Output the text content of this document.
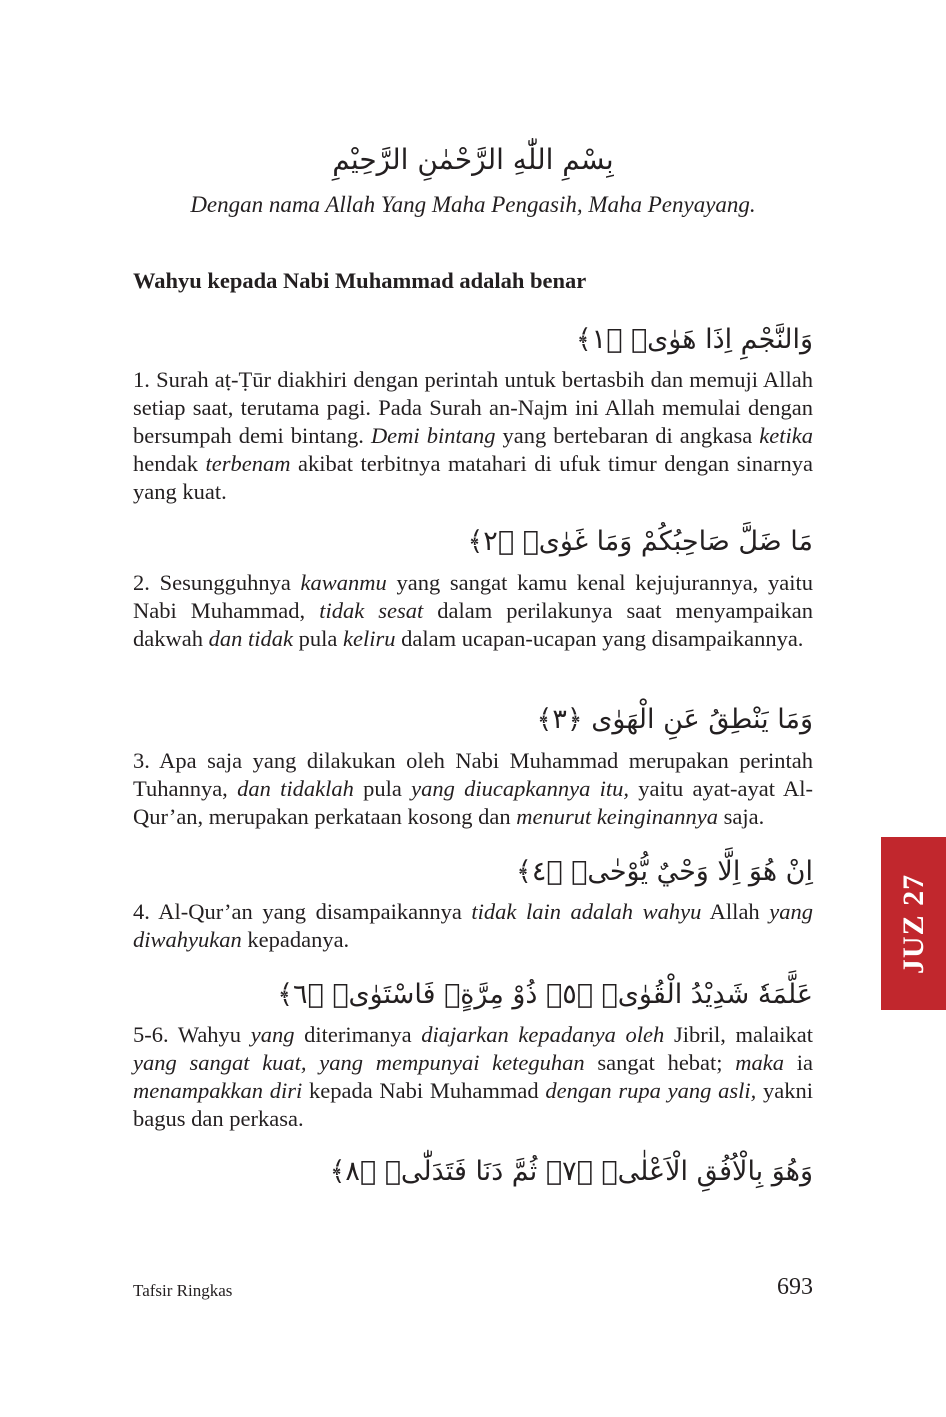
بِسْمِ اللّٰهِ الرَّحْمٰنِ الرَّحِيْمِ
Dengan nama Allah Yang Maha Pengasih, Maha Penyayang.
Wahyu kepada Nabi Muhammad adalah benar
وَالنَّجْمِ اِذَا هَوٰىۙ ﴿١﴾
1. Surah aṭ-Ṭūr diakhiri dengan perintah untuk bertasbih dan memuji Allah setiap saat, terutama pagi. Pada Surah an-Najm ini Allah memulai dengan bersumpah demi bintang. Demi bintang yang bertebaran di angkasa ketika hendak terbenam akibat terbitnya matahari di ufuk timur dengan sinarnya yang kuat.
مَا ضَلَّ صَاحِبُكُمْ وَمَا غَوٰىۚ ﴿٢﴾
2. Sesungguhnya kawanmu yang sangat kamu kenal kejujurannya, yaitu Nabi Muhammad, tidak sesat dalam perilakunya saat menyampaikan dakwah dan tidak pula keliru dalam ucapan-ucapan yang disampaikannya.
وَمَا يَنْطِقُ عَنِ الْهَوٰى ﴿٣﴾
3. Apa saja yang dilakukan oleh Nabi Muhammad merupakan perintah Tuhannya, dan tidaklah pula yang diucapkannya itu, yaitu ayat-ayat Al-Qur’an, merupakan perkataan kosong dan menurut keinginannya saja.
اِنْ هُوَ اِلَّا وَحْيٌ يُّوْحٰىۙ ﴿٤﴾
4. Al-Qur’an yang disampaikannya tidak lain adalah wahyu Allah yang diwahyukan kepadanya.
عَلَّمَهٗ شَدِيْدُ الْقُوٰىۙ ﴿٥﴾ ذُوْ مِرَّةٍۗ فَاسْتَوٰىۙ ﴿٦﴾
5-6. Wahyu yang diterimanya diajarkan kepadanya oleh Jibril, malaikat yang sangat kuat, yang mempunyai keteguhan sangat hebat; maka ia menampakkan diri kepada Nabi Muhammad dengan rupa yang asli, yakni bagus dan perkasa.
وَهُوَ بِالْاُفُقِ الْاَعْلٰىۗ ﴿٧﴾ ثُمَّ دَنَا فَتَدَلّٰىۙ ﴿٨﴾
JUZ 27
Tafsir Ringkas	693
